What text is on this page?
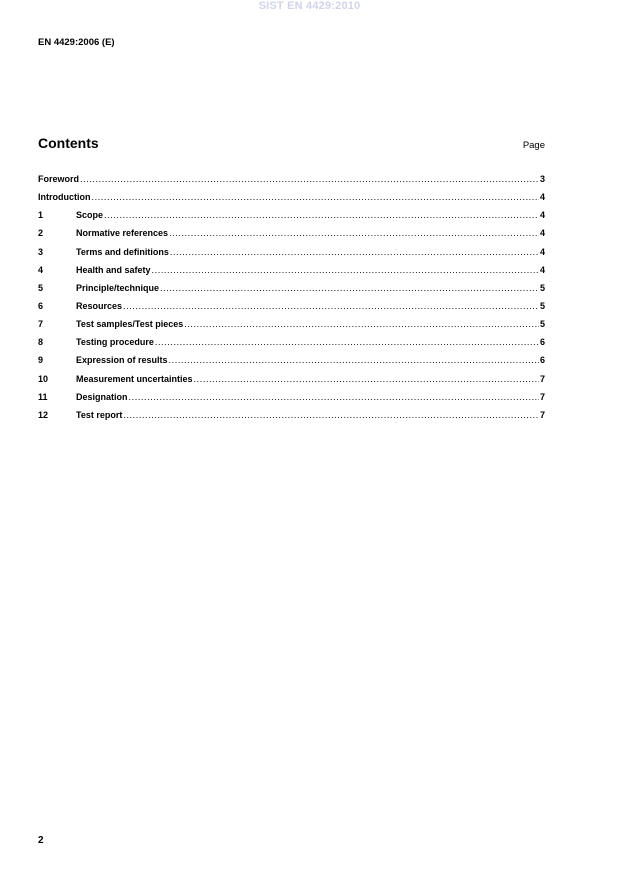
SIST EN 4429:2010
EN 4429:2006 (E)
Contents	Page
Foreword .....	3
Introduction .....	4
1	Scope .....	4
2	Normative references .....	4
3	Terms and definitions .....	4
4	Health and safety .....	4
5	Principle/technique .....	5
6	Resources .....	5
7	Test samples/Test pieces .....	5
8	Testing procedure .....	6
9	Expression of results .....	6
10	Measurement uncertainties .....	7
11	Designation .....	7
12	Test report .....	7
2
